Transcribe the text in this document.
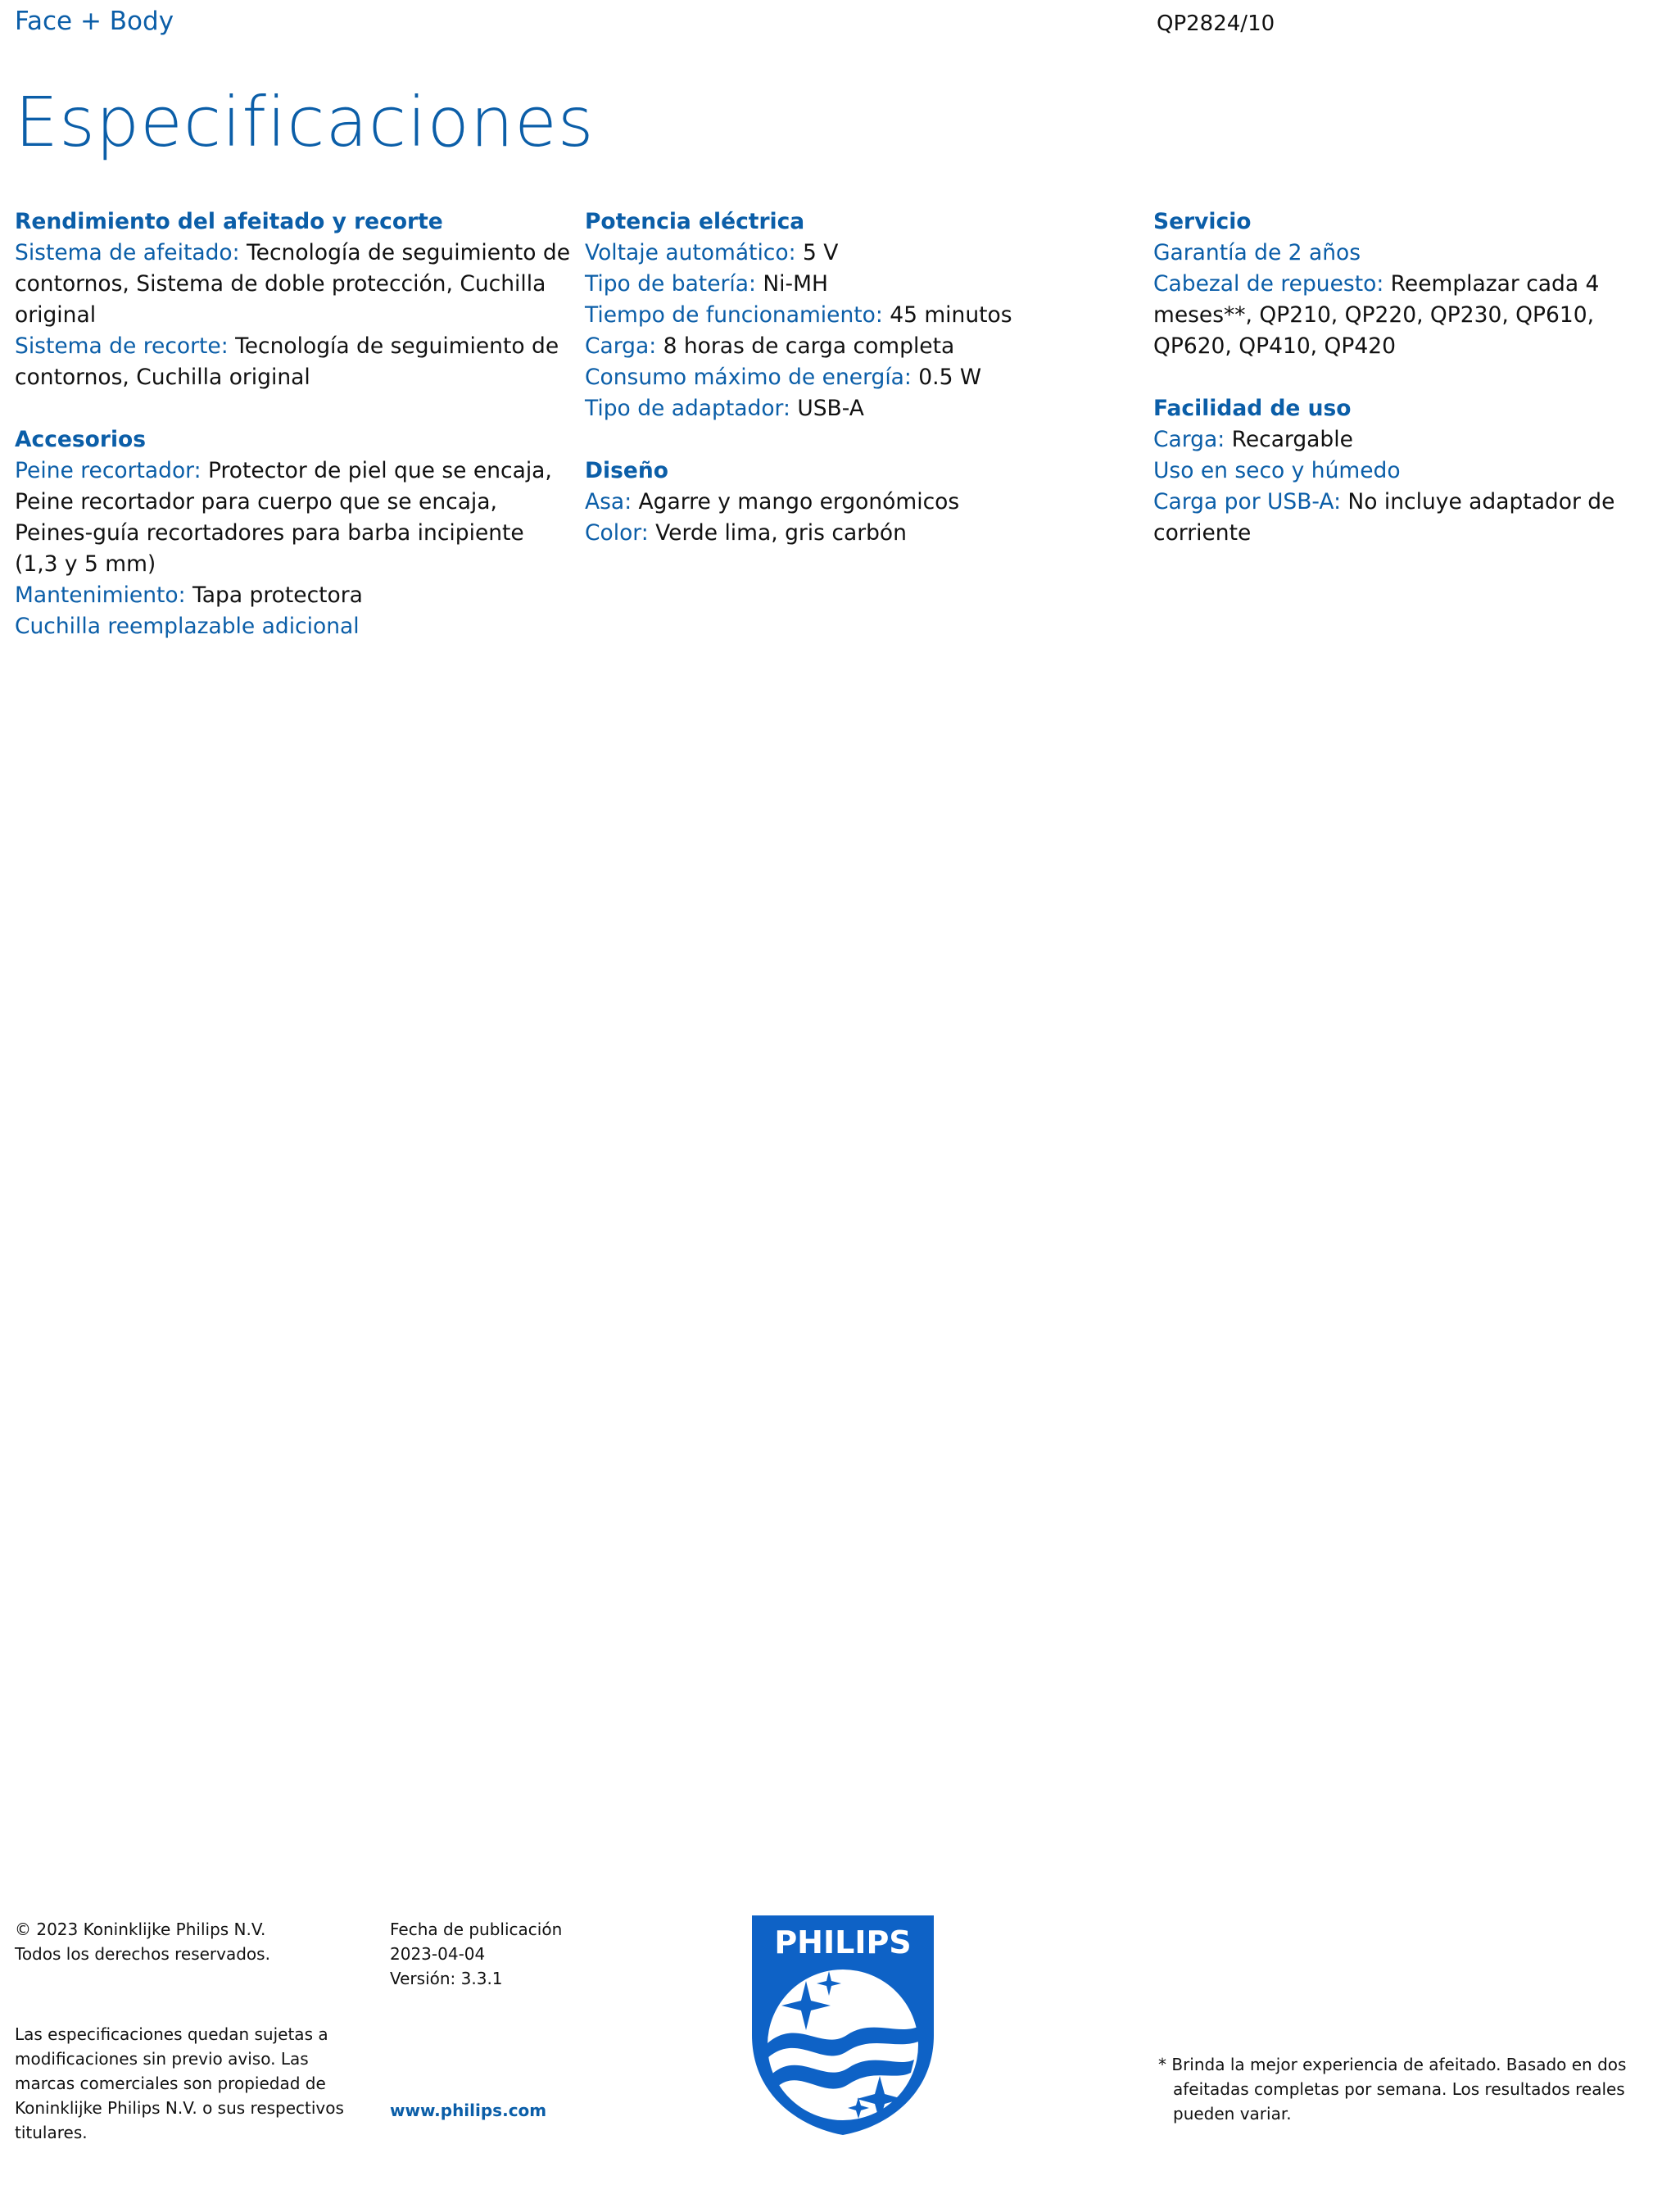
Face + Body	QP2824/10
Especificaciones
Rendimiento del afeitado y recorte
Sistema de afeitado: Tecnología de seguimiento de contornos, Sistema de doble protección, Cuchilla original
Sistema de recorte: Tecnología de seguimiento de contornos, Cuchilla original
Accesorios
Peine recortador: Protector de piel que se encaja, Peine recortador para cuerpo que se encaja, Peines-guía recortadores para barba incipiente (1,3 y 5 mm)
Mantenimiento: Tapa protectora
Cuchilla reemplazable adicional
Potencia eléctrica
Voltaje automático: 5 V
Tipo de batería: Ni-MH
Tiempo de funcionamiento: 45 minutos
Carga: 8 horas de carga completa
Consumo máximo de energía: 0.5 W
Tipo de adaptador: USB-A
Diseño
Asa: Agarre y mango ergonómicos
Color: Verde lima, gris carbón
Servicio
Garantía de 2 años
Cabezal de repuesto: Reemplazar cada 4 meses**, QP210, QP220, QP230, QP610, QP620, QP410, QP420
Facilidad de uso
Carga: Recargable
Uso en seco y húmedo
Carga por USB-A: No incluye adaptador de corriente
© 2023 Koninklijke Philips N.V.
Todos los derechos reservados.
Fecha de publicación
2023-04-04
Versión: 3.3.1
Las especificaciones quedan sujetas a modificaciones sin previo aviso. Las marcas comerciales son propiedad de Koninklijke Philips N.V. o sus respectivos titulares.
www.philips.com
* Brinda la mejor experiencia de afeitado. Basado en dos afeitadas completas por semana. Los resultados reales pueden variar.
PHILIPS
